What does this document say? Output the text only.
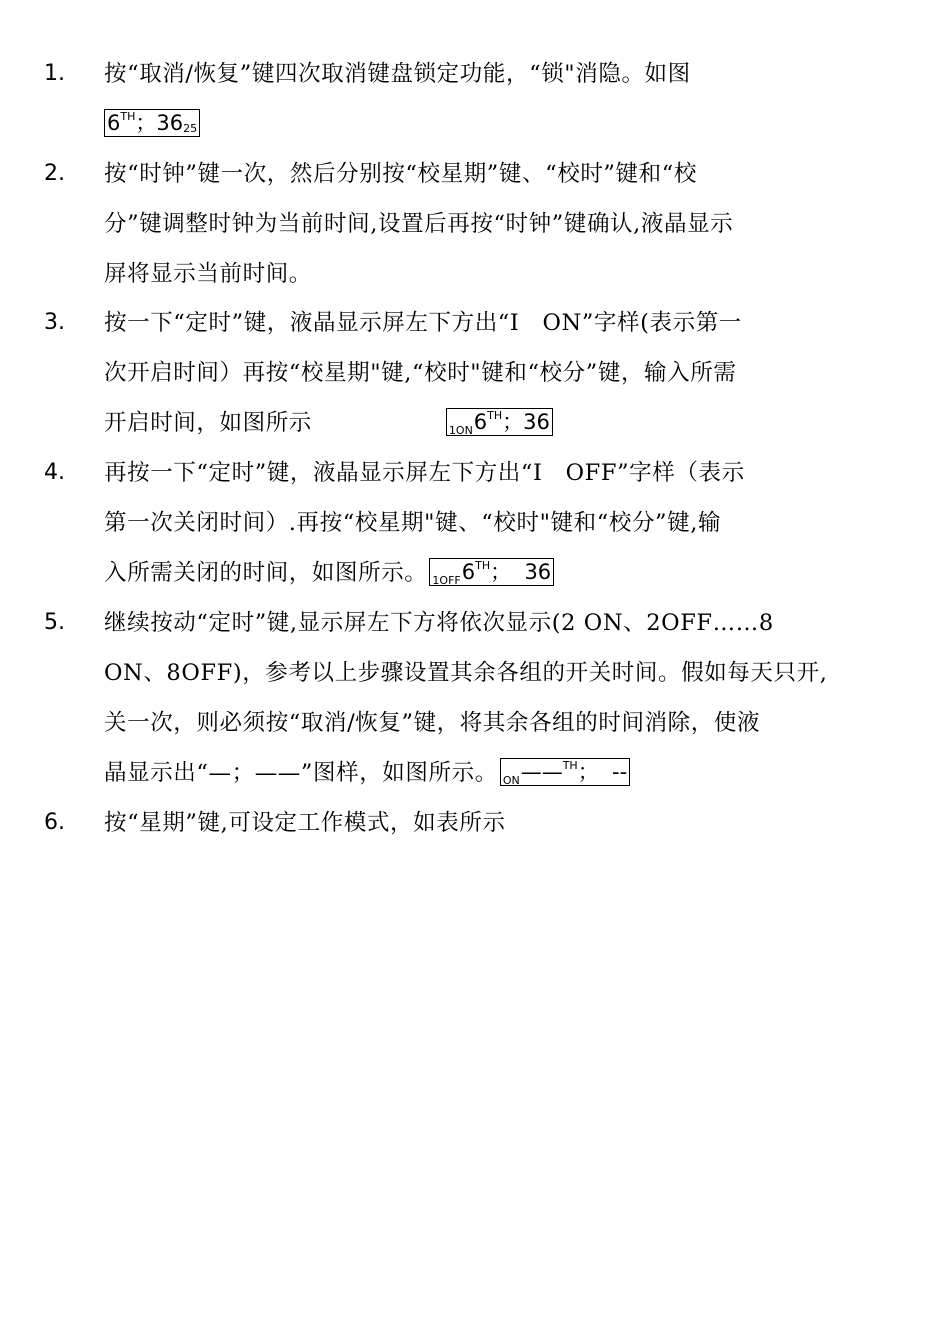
1. 按“取消/恢复”键四次取消键盘锁定功能，“锁"消隐。如图
6TH；$36_{25}$
2. 按“时钟”键一次，然后分别按“校星期”键、“校时”键和“校
分”键调整时钟为当前时间,设置后再按“时钟”键确认,液晶显示
屏将显示当前时间。
3. 按一下“定时”键，液晶显示屏左下方出“I　ON”字样(表示第一
次开启时间）再按“校星期"键,“校时"键和“校分”键，输入所需
开启时间，如图所示	$_{1ON}$6TH；36
4. 再按一下“定时”键，液晶显示屏左下方出“I　OFF”字样（表示
第一次关闭时间）.再按“校星期"键、“校时"键和“校分”键,输
入所需关闭的时间，如图所示。 $_{1OFF}$6TH；  36
5. 继续按动“定时”键,显示屏左下方将依次显示(2 ON、2OFF……8
ON、8OFF)，参考以上步骤设置其余各组的开关时间。假如每天只开,
关一次，则必须按“取消/恢复”键，将其余各组的时间消除，使液
晶显示出“—；——”图样，如图所示。 $_{ON}$——$^{TH}$；  --
6. 按“星期”键,可设定工作模式，如表所示
